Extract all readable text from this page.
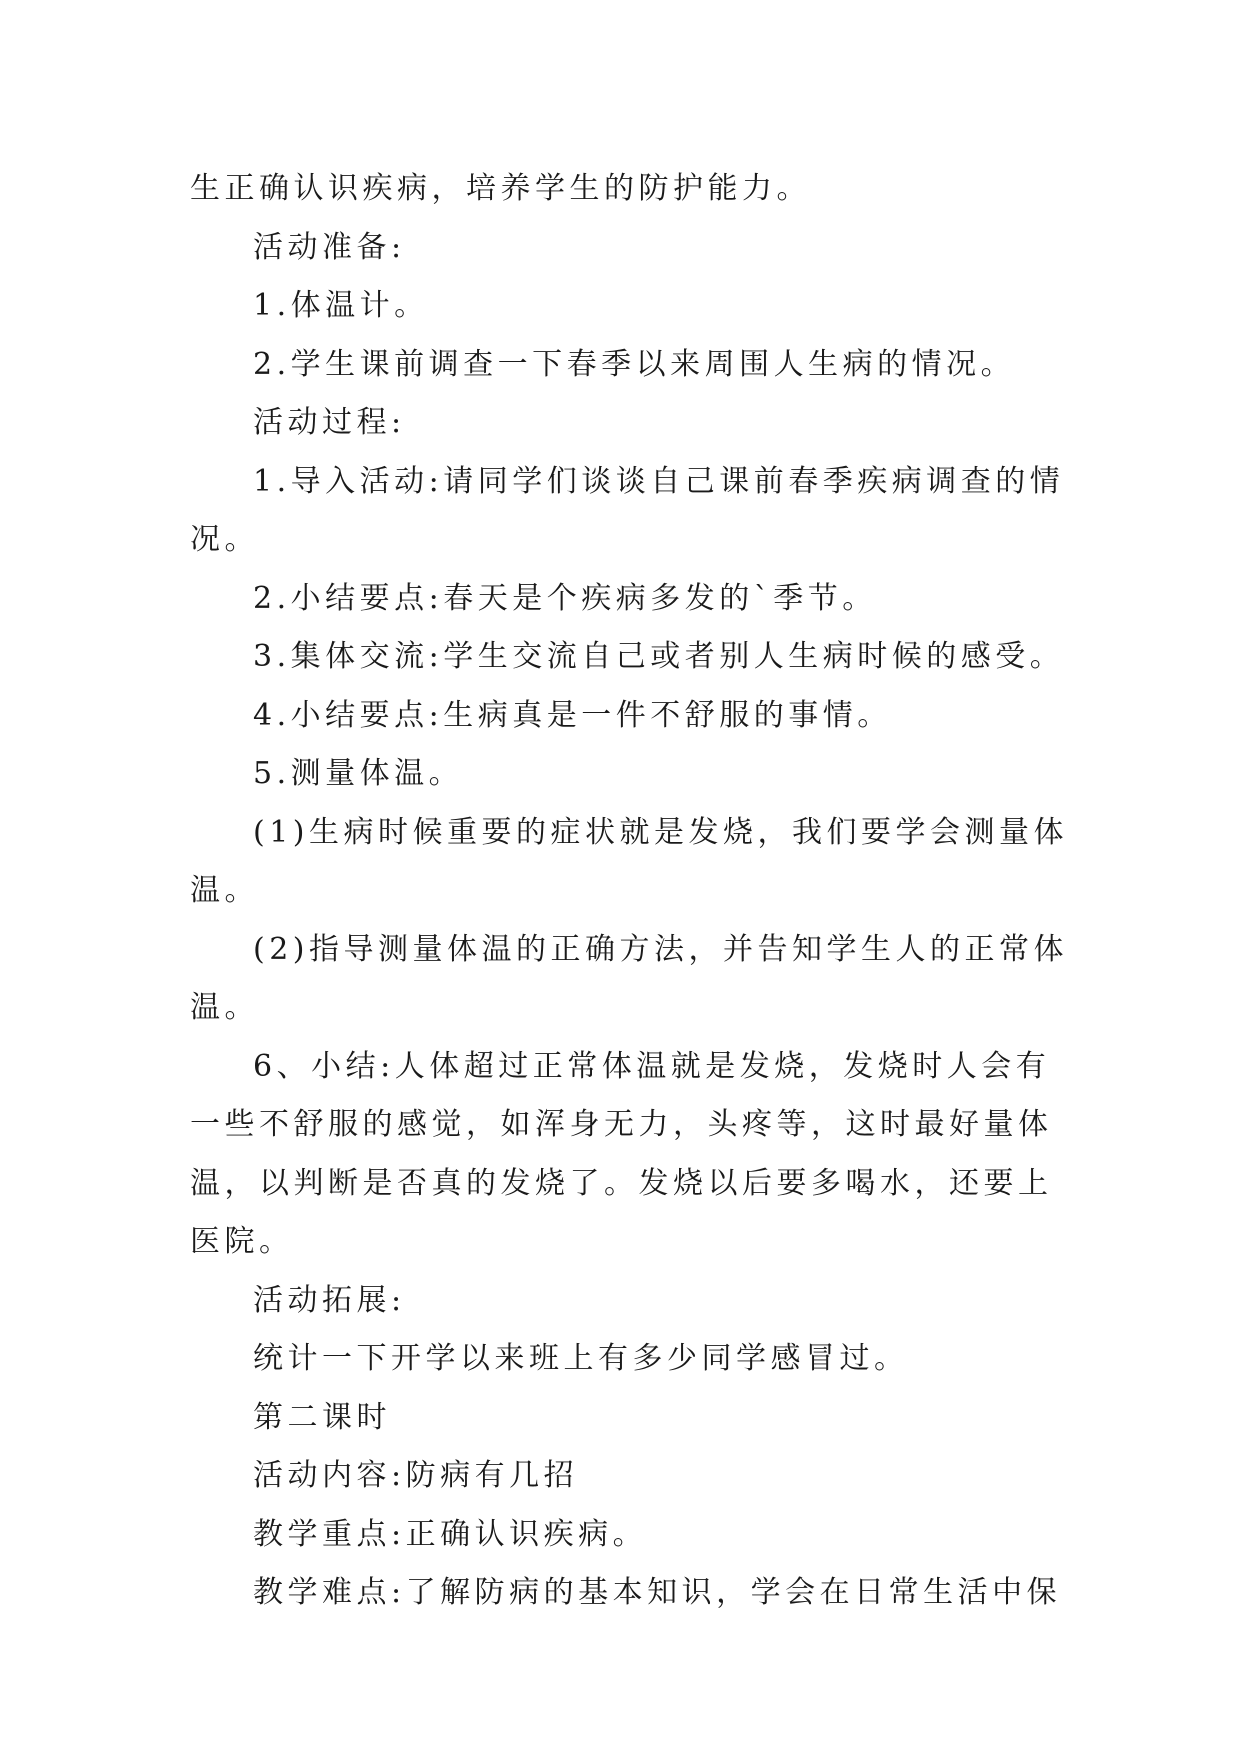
生正确认识疾病，培养学生的防护能力。

活动准备:

1.体温计。

2.学生课前调查一下春季以来周围人生病的情况。

活动过程:

1.导入活动:请同学们谈谈自己课前春季疾病调查的情况。

2.小结要点:春天是个疾病多发的`季节。

3.集体交流:学生交流自己或者别人生病时候的感受。

4.小结要点:生病真是一件不舒服的事情。

5.测量体温。

(1)生病时候重要的症状就是发烧，我们要学会测量体温。

(2)指导测量体温的正确方法，并告知学生人的正常体温。

6、小结:人体超过正常体温就是发烧，发烧时人会有一些不舒服的感觉，如浑身无力，头疼等，这时最好量体温，以判断是否真的发烧了。发烧以后要多喝水，还要上医院。

活动拓展:

统计一下开学以来班上有多少同学感冒过。

第二课时

活动内容:防病有几招

教学重点:正确认识疾病。

教学难点:了解防病的基本知识，学会在日常生活中保
